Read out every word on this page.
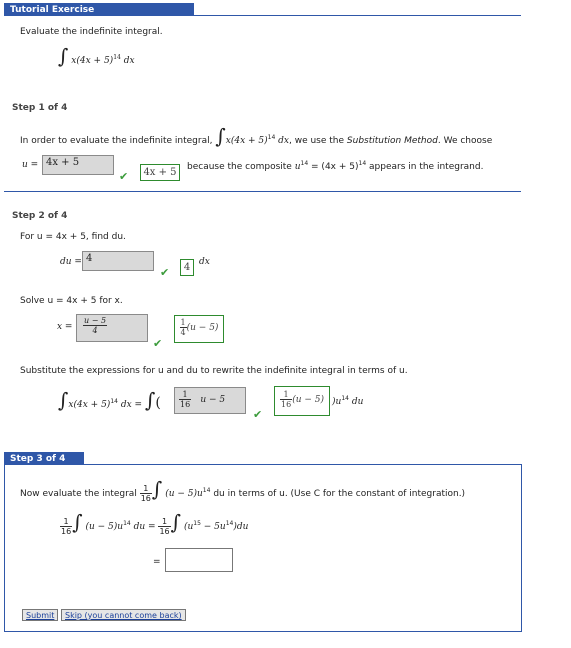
Tutorial Exercise
Evaluate the indefinite integral.
∫ $x(4x + 5)^{14}$ dx
Step 1 of 4
In order to evaluate the indefinite integral, $\int x(4x + 5)^{14}$ dx, we use the Substitution Method. We choose
u = 4x + 5
✔	4x + 5	because the composite $u^{14} = (4x + 5)^{14}$ appears in the integrand.
Step 2 of 4
For u = 4x + 5, find du.
du = 4
✔	4 dx
Solve u = 4x + 5 for x.
$x = \frac{u - 5}{4}$
✔
$\frac{1}{4} (u - 5)$
Substitute the expressions for u and du to rewrite the indefinite integral in terms of u.
$\int x(4x + 5)^{14}$ dx = ∫( $\frac{1}{16}$ u − 5
✔
$\frac{1}{16} (u - 5)$ )$u^{14}$ du
Step 3 of 4
Now evaluate the integral $\frac{1}{16}$ ∫ $(u - 5)u^{14}$ du in terms of u. (Use C for the constant of integration.)
$\frac{1}{16}$ ∫ $(u - 5)u^{14}$ du = $\frac{1}{16}$ ∫ $(u^{15} - 5u^{14})du$
=
Submit	Skip (you cannot come back)
